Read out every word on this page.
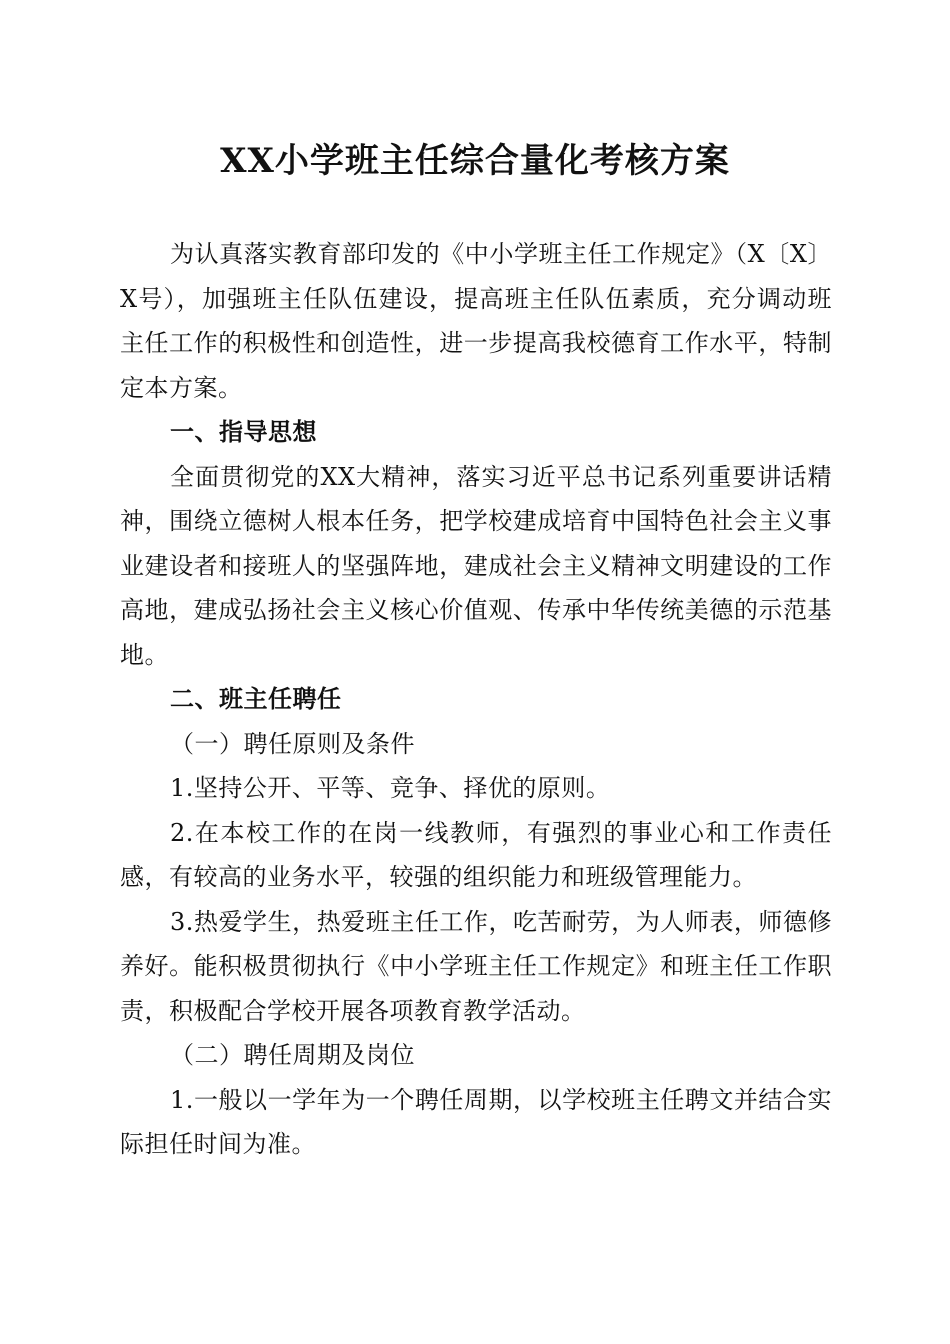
XX小学班主任综合量化考核方案

为认真落实教育部印发的《中小学班主任工作规定》（X〔X〕X号），加强班主任队伍建设，提高班主任队伍素质，充分调动班主任工作的积极性和创造性，进一步提高我校德育工作水平，特制定本方案。

一、指导思想

全面贯彻党的XX大精神，落实习近平总书记系列重要讲话精神，围绕立德树人根本任务，把学校建成培育中国特色社会主义事业建设者和接班人的坚强阵地，建成社会主义精神文明建设的工作高地，建成弘扬社会主义核心价值观、传承中华传统美德的示范基地。

二、班主任聘任

（一）聘任原则及条件

1.坚持公开、平等、竞争、择优的原则。

2.在本校工作的在岗一线教师，有强烈的事业心和工作责任感，有较高的业务水平，较强的组织能力和班级管理能力。

3.热爱学生，热爱班主任工作，吃苦耐劳，为人师表，师德修养好。能积极贯彻执行《中小学班主任工作规定》和班主任工作职责，积极配合学校开展各项教育教学活动。

（二）聘任周期及岗位

1.一般以一学年为一个聘任周期，以学校班主任聘文并结合实际担任时间为准。
